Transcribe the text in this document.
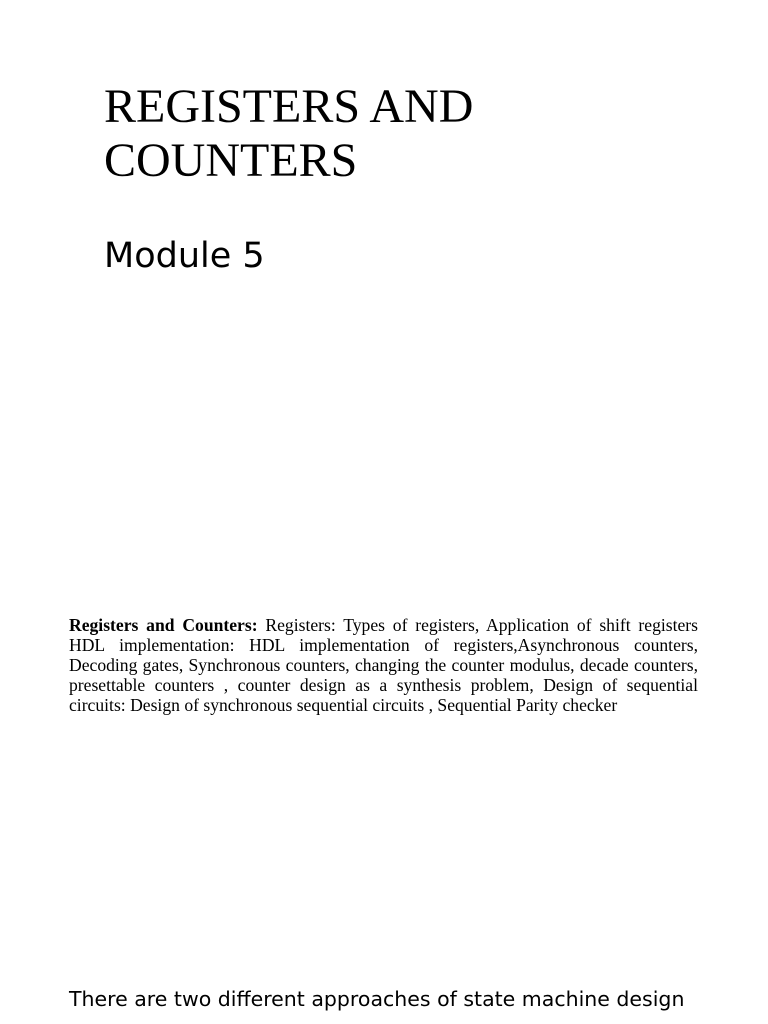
REGISTERS AND
COUNTERS
Module 5

Registers and Counters: Registers: Types of registers, Application of shift registers HDL implementation: HDL implementation of registers,Asynchronous counters, Decoding gates, Synchronous counters, changing the counter modulus, decade counters, presettable counters , counter design as a synthesis problem, Design of sequential circuits: Design of synchronous sequential circuits , Sequential Parity checker

There are two different approaches of state machine design
